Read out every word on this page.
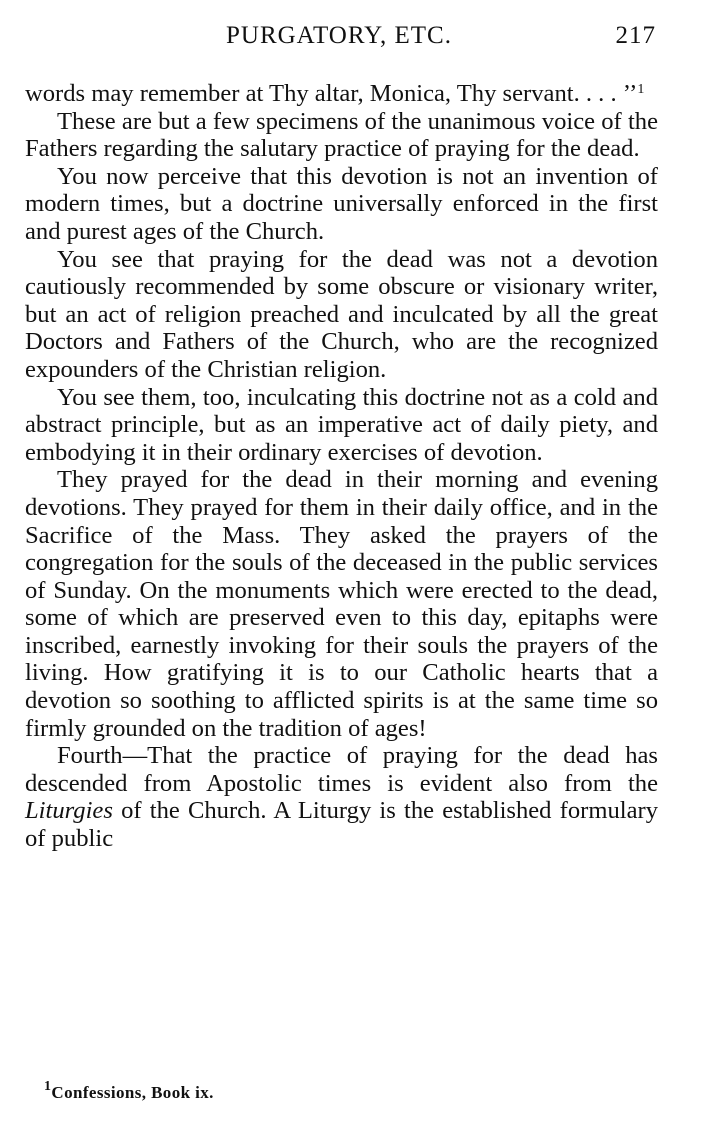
PURGATORY, ETC.	217

words may remember at Thy altar, Monica, Thy servant. . . . ’’$^1$

These are but a few specimens of the unanimous voice of the Fathers regarding the salutary practice of praying for the dead.

You now perceive that this devotion is not an invention of modern times, but a doctrine universally enforced in the first and purest ages of the Church.

You see that praying for the dead was not a devotion cautiously recommended by some obscure or visionary writer, but an act of religion preached and inculcated by all the great Doctors and Fathers of the Church, who are the recognized expounders of the Christian religion.

You see them, too, inculcating this doctrine not as a cold and abstract principle, but as an imperative act of daily piety, and embodying it in their ordinary exercises of devotion.

They prayed for the dead in their morning and evening devotions. They prayed for them in their daily office, and in the Sacrifice of the Mass. They asked the prayers of the congregation for the souls of the deceased in the public services of Sunday. On the monuments which were erected to the dead, some of which are preserved even to this day, epitaphs were inscribed, earnestly invoking for their souls the prayers of the living. How gratifying it is to our Catholic hearts that a devotion so soothing to afflicted spirits is at the same time so firmly grounded on the tradition of ages!

Fourth—That the practice of praying for the dead has descended from Apostolic times is evident also from the Liturgies of the Church. A Liturgy is the established formulary of public

$^1$Confessions, Book ix.
